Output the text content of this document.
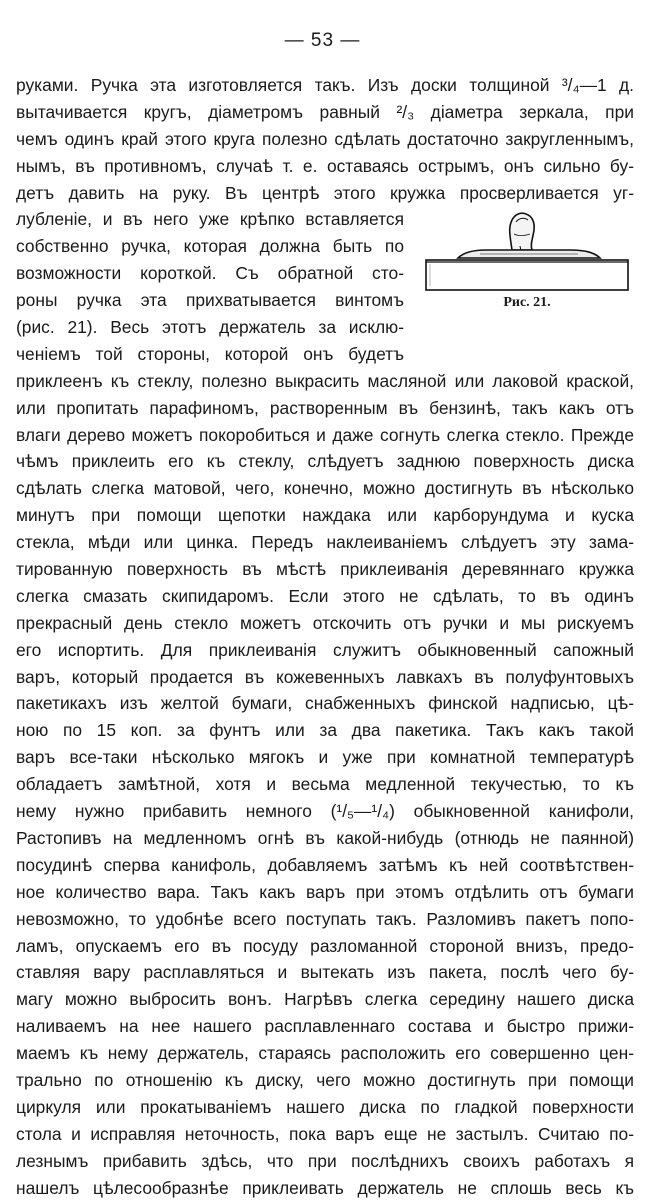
— 53 —
руками. Ручка эта изготовляется такъ. Изъ доски толщиной ³/₄—1 д.
вытачивается кругъ, діаметромъ равный ²/₃ діаметра зеркала, при
чемъ одинъ край этого круга полезно сдѣлать достаточно закругленнымъ,
нымъ, въ противномъ, случаѣ т. е. оставаясь острымъ, онъ сильно бу-
детъ давить на руку. Въ центрѣ этого кружка просверливается уг-
лубленіе, и въ него уже крѣпко вставляется
собственно ручка, которая должна быть по
возможности короткой. Съ обратной сто-
роны ручка эта прихватывается винтомъ
(рис. 21). Весь этотъ держатель за исклю-
ченіемъ той стороны, которой онъ будетъ
приклеенъ къ стеклу, полезно выкрасить масляной или лаковой краской,
или пропитать парафиномъ, растворенным въ бензинѣ, такъ какъ отъ
влаги дерево можетъ покоробиться и даже согнуть слегка стекло. Прежде
чѣмъ приклеить его къ стеклу, слѣдуетъ заднюю поверхность диска
сдѣлать слегка матовой, чего, конечно, можно достигнуть въ нѣсколько
минутъ при помощи щепотки наждака или карборундума и куска
стекла, мѣди или цинка. Передъ наклеиваніемъ слѣдуетъ эту зама-
тированную поверхность въ мѣстѣ приклеиванія деревяннаго кружка
слегка смазать скипидаромъ. Если этого не сдѣлать, то въ одинъ
прекрасный день стекло можетъ отскочить отъ ручки и мы рискуемъ
его испортить. Для приклеиванія служитъ обыкновенный сапожный
варъ, который продается въ кожевенныхъ лавкахъ въ полуфунтовыхъ
пакетикахъ изъ желтой бумаги, снабженныхъ финской надписью, цѣ-
ною по 15 коп. за фунтъ или за два пакетика. Такъ какъ такой
варъ все-таки нѣсколько мягокъ и уже при комнатной температурѣ
обладаетъ замѣтной, хотя и весьма медленной текучестью, то къ
нему нужно прибавить немного (¹/₅—¹/₄) обыкновенной канифоли,
Растопивъ на медленномъ огнѣ въ какой-нибудь (отнюдь не паянной)
посудинѣ сперва канифоль, добавляемъ затѣмъ къ ней соотвѣтствен-
ное количество вара. Такъ какъ варъ при этомъ отдѣлить отъ бумаги
невозможно, то удобнѣе всего поступать такъ. Разломивъ пакетъ попо-
ламъ, опускаемъ его въ посуду разломанной стороной внизъ, предо-
ставляя вару расплавляться и вытекать изъ пакета, послѣ чего бу-
магу можно выбросить вонъ. Нагрѣвъ слегка середину нашего диска
наливаемъ на нее нашего расплавленнаго состава и быстро прижи-
маемъ къ нему держатель, стараясь расположить его совершенно цен-
трально по отношенію къ диску, чего можно достигнуть при помощи
циркуля или прокатываніемъ нашего диска по гладкой поверхности
стола и исправляя неточность, пока варъ еще не застылъ. Считаю по-
лезнымъ прибавить здѣсь, что при послѣднихъ своихъ работахъ я
нашелъ цѣлесообразнѣе приклеивать держатель не сплошь весь къ
Рис. 21.
